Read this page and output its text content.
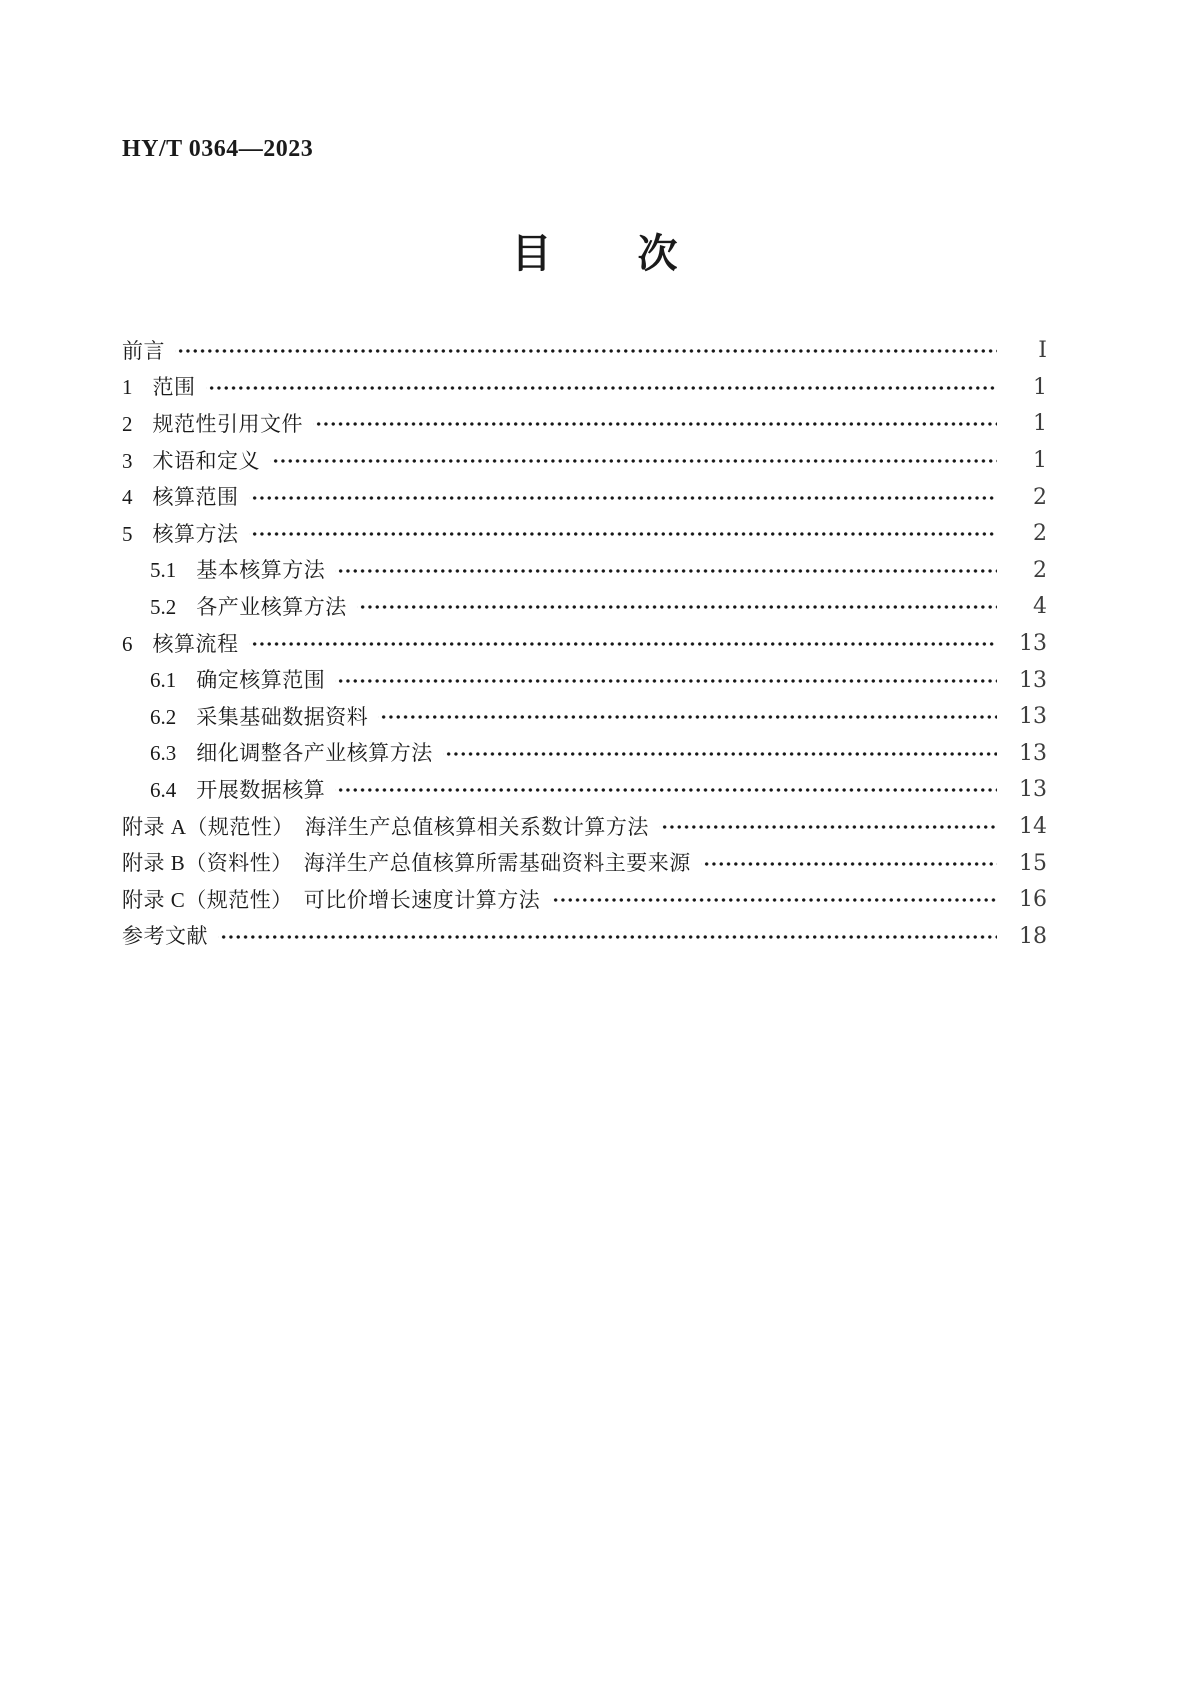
HY/T 0364—2023
目　　次
前言	Ⅰ
1 范围	1
2 规范性引用文件	1
3 术语和定义	1
4 核算范围	2
5 核算方法	2
5.1 基本核算方法	2
5.2 各产业核算方法	4
6 核算流程	13
6.1 确定核算范围	13
6.2 采集基础数据资料	13
6.3 细化调整各产业核算方法	13
6.4 开展数据核算	13
附录 A（规范性）　海洋生产总值核算相关系数计算方法	14
附录 B（资料性）　海洋生产总值核算所需基础资料主要来源	15
附录 C（规范性）　可比价增长速度计算方法	16
参考文献	18
